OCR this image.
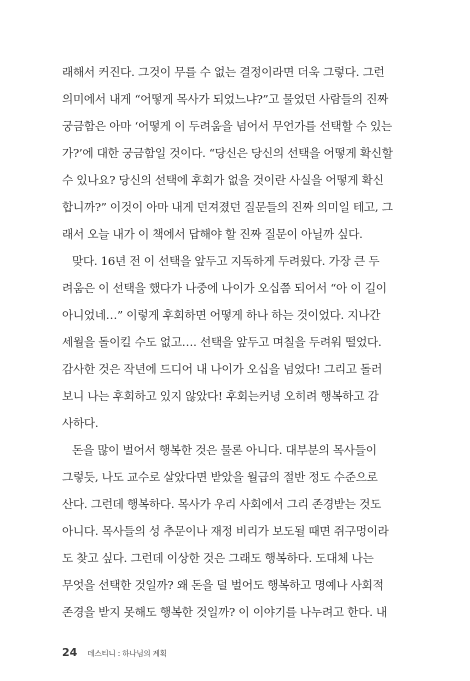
래해서 커진다. 그것이 무를 수 없는 결정이라면 더욱 그렇다. 그런
의미에서 내게 “어떻게 목사가 되었느냐?”고 물었던 사람들의 진짜
궁금함은 아마 ‘어떻게 이 두려움을 넘어서 무언가를 선택할 수 있는
가?’에 대한 궁금함일 것이다. “당신은 당신의 선택을 어떻게 확신할
수 있나요? 당신의 선택에 후회가 없을 것이란 사실을 어떻게 확신
합니까?” 이것이 아마 내게 던져졌던 질문들의 진짜 의미일 테고, 그
래서 오늘 내가 이 책에서 답해야 할 진짜 질문이 아닐까 싶다.
맞다. 16년 전 이 선택을 앞두고 지독하게 두려웠다. 가장 큰 두
려움은 이 선택을 했다가 나중에 나이가 오십쯤 되어서 “아 이 길이
아니었네…” 이렇게 후회하면 어떻게 하나 하는 것이었다. 지나간
세월을 돌이킬 수도 없고…. 선택을 앞두고 며칠을 두려워 떨었다.
감사한 것은 작년에 드디어 내 나이가 오십을 넘었다! 그리고 돌러
보니 나는 후회하고 있지 않았다! 후회는커녕 오히려 행복하고 감
사하다.
돈을 많이 벌어서 행복한 것은 물론 아니다. 대부분의 목사들이
그렇듯, 나도 교수로 살았다면 받았을 월급의 절반 정도 수준으로
산다. 그런데 행복하다. 목사가 우리 사회에서 그리 존경받는 것도
아니다. 목사들의 성 추문이나 재정 비리가 보도될 때면 쥐구멍이라
도 찾고 싶다. 그런데 이상한 것은 그래도 행복하다. 도대체 나는
무엇을 선택한 것일까? 왜 돈을 덜 벌어도 행복하고 명예나 사회적
존경을 받지 못해도 행복한 것일까? 이 이야기를 나누려고 한다. 내
24 데스티니 : 하나님의 계획
